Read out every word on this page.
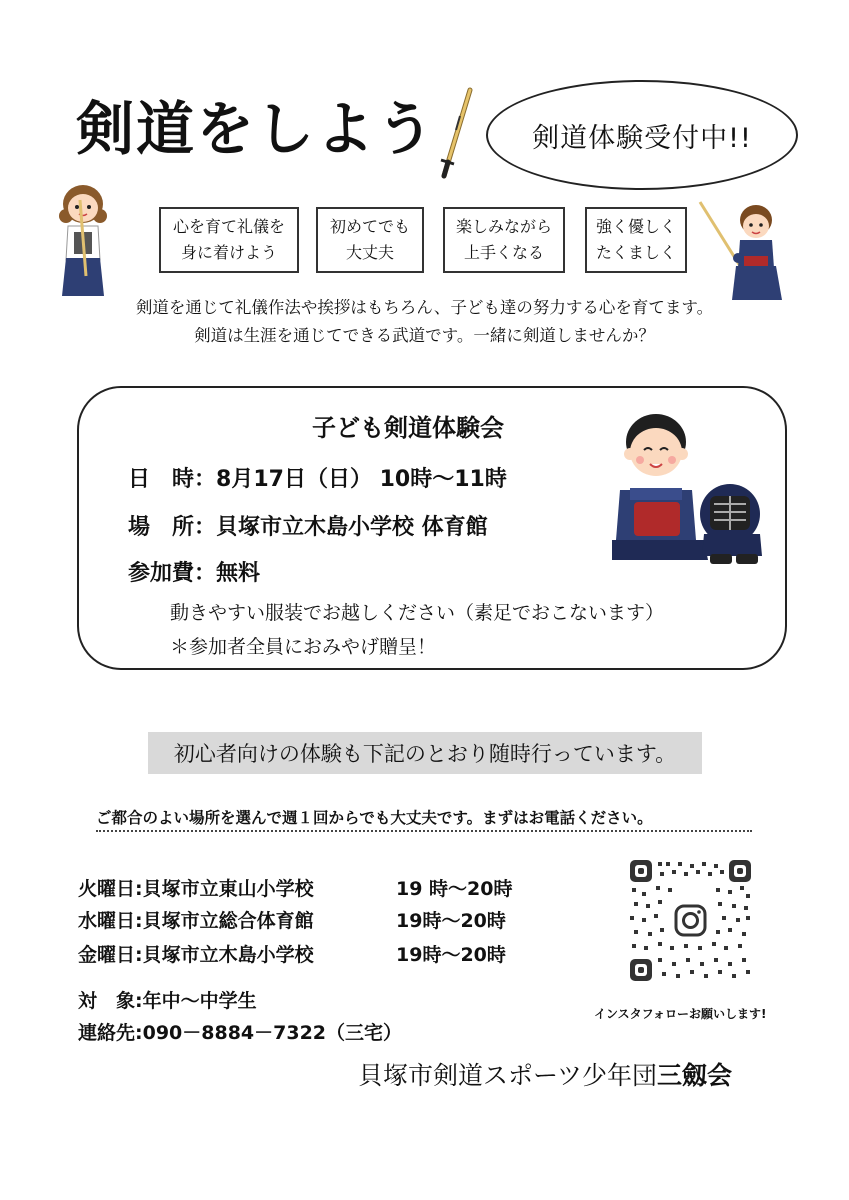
剣道をしよう	剣道体験受付中!!
心を育て礼儀を
身に着けよう
初めてでも
大丈夫
楽しみながら
上手くなる
強く優しく
たくましく
剣道を通じて礼儀作法や挨拶はもちろん、子ども達の努力する心を育てます。
剣道は生涯を通じてできる武道です。一緒に剣道しませんか？
子ども剣道体験会
日　時：8月17日（日） 10時～11時
場　所：貝塚市立木島小学校 体育館
参加費：無料
動きやすい服装でお越しください（素足でおこないます）
＊参加者全員におみやげ贈呈！
初心者向けの体験も下記のとおり随時行っています。
ご都合のよい場所を選んで週１回からでも大丈夫です。まずはお電話ください。
火曜日:貝塚市立東山小学校	19 時～20時
水曜日:貝塚市立総合体育館	19時～20時
金曜日:貝塚市立木島小学校	19時～20時
対　象:年中～中学生
連絡先:090－8884－7322（三宅）
インスタフォローお願いします!
貝塚市剣道スポーツ少年団三劔会
